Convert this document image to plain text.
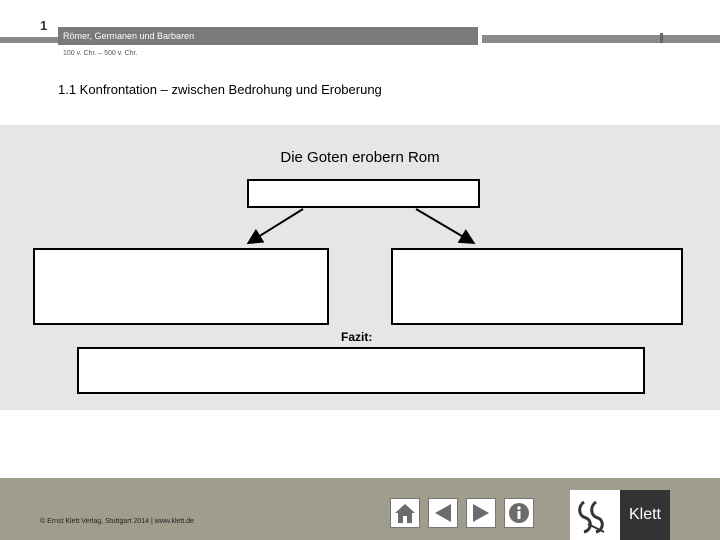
1
Römer, Germanen und Barbaren
100 v. Chr. – 500 v. Chr.
1.1 Konfrontation – zwischen Bedrohung und Eroberung
Die Goten erobern Rom
Fazit:
© Ernst Klett Verlag, Stuttgart 2014 | www.klett.de	Klett
